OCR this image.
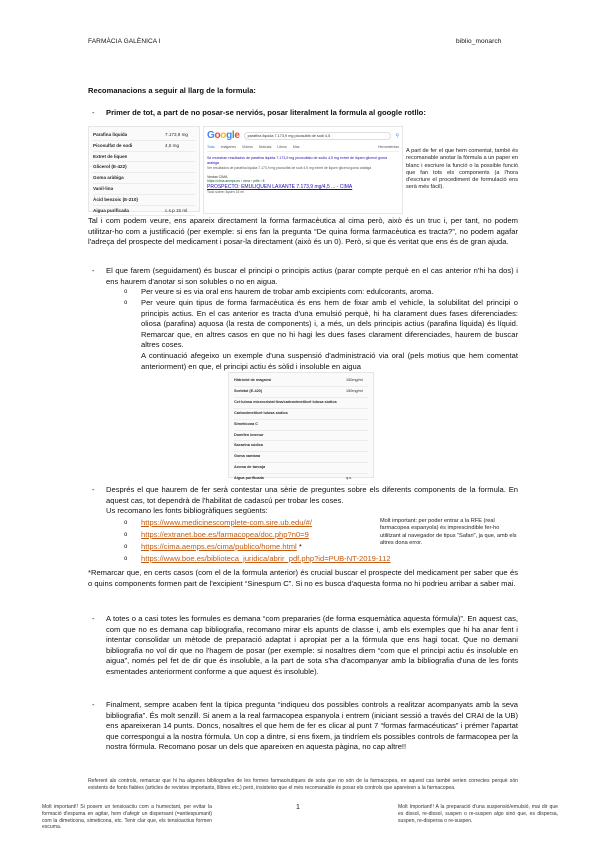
FARMÀCIA GALÈNICA I	biblio_monarch
Recomanacions a seguir al llarg de la formula:
- Primer de tot, a part de no posar-se nerviós, posar literalment la formula al google rotllo:
Parafina líquida	7.173,9 mg
Picosulfat de sodi	4,5 mg
Extret de liquen
Glicerol (E-422)
Goma aràbiga
Vanil·lina
Àcid benzoic (E-210)
Aigua purificada	c.s.p 15 ml
Google	parafina liquida 7.173,9 mg picosulfat de sodi 4,5	⚲
Todo Imágenes Vídeos Noticias Libros Más	Herramientas
Se muestran resultados de parafina liquida 7.173,9 mg picosulfato de sodio 4,5 mg extret de liquen glicerol goma arabiga
Ver resultados de parafina liquida 7.173,9 mg picosulfat de sodi 4,5 mg extret de liquen glicerol goma aràbiga
Ventas CIMA
https://cima.aemps.es › cima › pdfs › ft
PROSPECTO: EMULIQUEN LAXANTE 7.173,9 mg/4,5 ... - CIMA
Todo sobre: liquen 15 ml
A part de fer el que hem comentat, també és recomanable anotar la fórmula a un paper en blanc i escriure la funció o la possible funció que fan tots els components (a l'hora d'escriure el procediment de formulació ens serà més fàcil).
Tal i com podem veure, ens apareix directament la forma farmacèutica al cima però, això és un truc i, per tant, no podem utilitzar-ho com a justificació (per exemple: si ens fan la pregunta “De quina forma farmacèutica es tracta?”, no podem agafar l'adreça del prospecte del medicament i posar-la directament (això és un 0). Però, si que és veritat que ens és de gran ajuda.
- El que farem (seguidament) és buscar el principi o principis actius (parar compte perquè en el cas anterior n'hi ha dos) i ens haurem d'anotar si son solubles o no en aigua.
o Per veure si es via oral ens haurem de trobar amb excipients com: edulcorants, aroma.
o Per veure quin tipus de forma farmacèutica és ens hem de fixar amb el vehicle, la solubilitat del principi o principis actius. En el cas anterior es tracta d'una emulsió perquè, hi ha clarament dues fases diferenciades: oliosa (parafina) aquosa (la resta de components) i, a més, un dels principis actius (parafina líquida) és líquid. Remarcar que, en altres casos en que no hi hagi les dues fases clarament diferenciades, haurem de buscar altres coses.
A continuació afegeixo un exemple d'una suspensió d'administració via oral (pels motius que hem comentat anteriorment) en que, el principi actiu és sòlid i insoluble en aigua
Hidròxid de magnesi	150mg/ml
Sorbitol (E-420)	150mg/ml
Cel·lulosa microcristal·lina/carboximetilcel·lulosa sòdica
Carboximetilcel·lulosa sòdica
Simeticona C
Domifen bromur
Sacarina sòdica
Goma xantana
Aroma de taronja
Aigua purificada	q.s.
- Després el que haurem de fer serà contestar una sèrie de preguntes sobre els diferents components de la formula. En aquest cas, tot dependrà de l'habilitat de cadascú per trobar les coses.
Us recomano les fonts bibliogràfiques següents:
o https://www.medicinescomplete-com.sire.ub.edu/#/
o https://extranet.boe.es/farmacopea/doc.php?n0=9
o https://cima.aemps.es/cima/publico/home.html *
o https://www.boe.es/biblioteca_juridica/abrir_pdf.php?id=PUB-NT-2019-112
Molt important: per poder entrar a la RFE (real farmacopea espanyola) és imprescindible fer-ho utilitzant al navegador de tipus “Safari”, ja que, amb els altres dona error.
*Remarcar que, en certs casos (com el de la formula anterior) és crucial buscar el prospecte del medicament per saber que és o quins components formen part de l'excipient “Sinespum C”. Si no es busca d'aquesta forma no hi podrieu arribar a saber mai.
- A totes o a casi totes les formules es demana “com prepararies (de forma esquemàtica aquesta fórmula)”. En aquest cas, com que no es demana cap bibliografia, recomano mirar els apunts de classe i, amb els exemples que hi ha anar fent i intentar consolidar un mètode de preparació adaptat i apropiat per a la fórmula que ens hagi tocat. Que no demani bibliografia no vol dir que no l'hagem de posar (per exemple: si nosaltres diem “com que el principi actiu és insoluble en aigua”, només pel fet de dir que és insoluble, a la part de sota s'ha d'acompanyar amb la bibliografia d'una de les fonts esmentades anteriorment conforme a que aquest és insoluble).
- Finalment, sempre acaben fent la típica pregunta “indiqueu dos possibles controls a realitzar acompanyats amb la seva bibliografia”. És molt senzill. Si anem a la real farmacopea espanyola i entrem (iniciant sessió a través del CRAI de la UB) ens apareixeran 14 punts. Doncs, nosaltres el que hem de fer es clicar al punt 7 “formas farmacéuticas” i prémer l'apartat que correspongui a la nostra fórmula. Un cop a dintre, si ens fixem, ja tindríem els possibles controls de farmacopea per la nostra fórmula. Recomano posar un dels que apareixen en aquesta pàgina, no cap altre!!
Referent als controls, remarcar que hi ha algunes bibliografies de les formes farmacèutiques de sota que no són de la farmacopea, en aquest cas també serien correctes perquè són existents de fonts fiables (articles de revistes importants, llibres etc.) però, insisteixo que el més recomanable és posar els controls que apareixen a la farmacopea.
Molt important!! Si posem un tensioactiu com a humectant, per evitar la formació d'espuma en agitar, hem d'afegir un dispersant (=antiespumant) com la dimeticona, simeticona, etc. Tenir clar que, els tensioactius formen escuma.
1	Molt Important!! A la preparació d'una suspensió/emulsió, mai dir que es dissol, re-dissol, suspen o re-suspen algo sinó que, es dispersa, suspen, re-dispersa o re-suspen.
